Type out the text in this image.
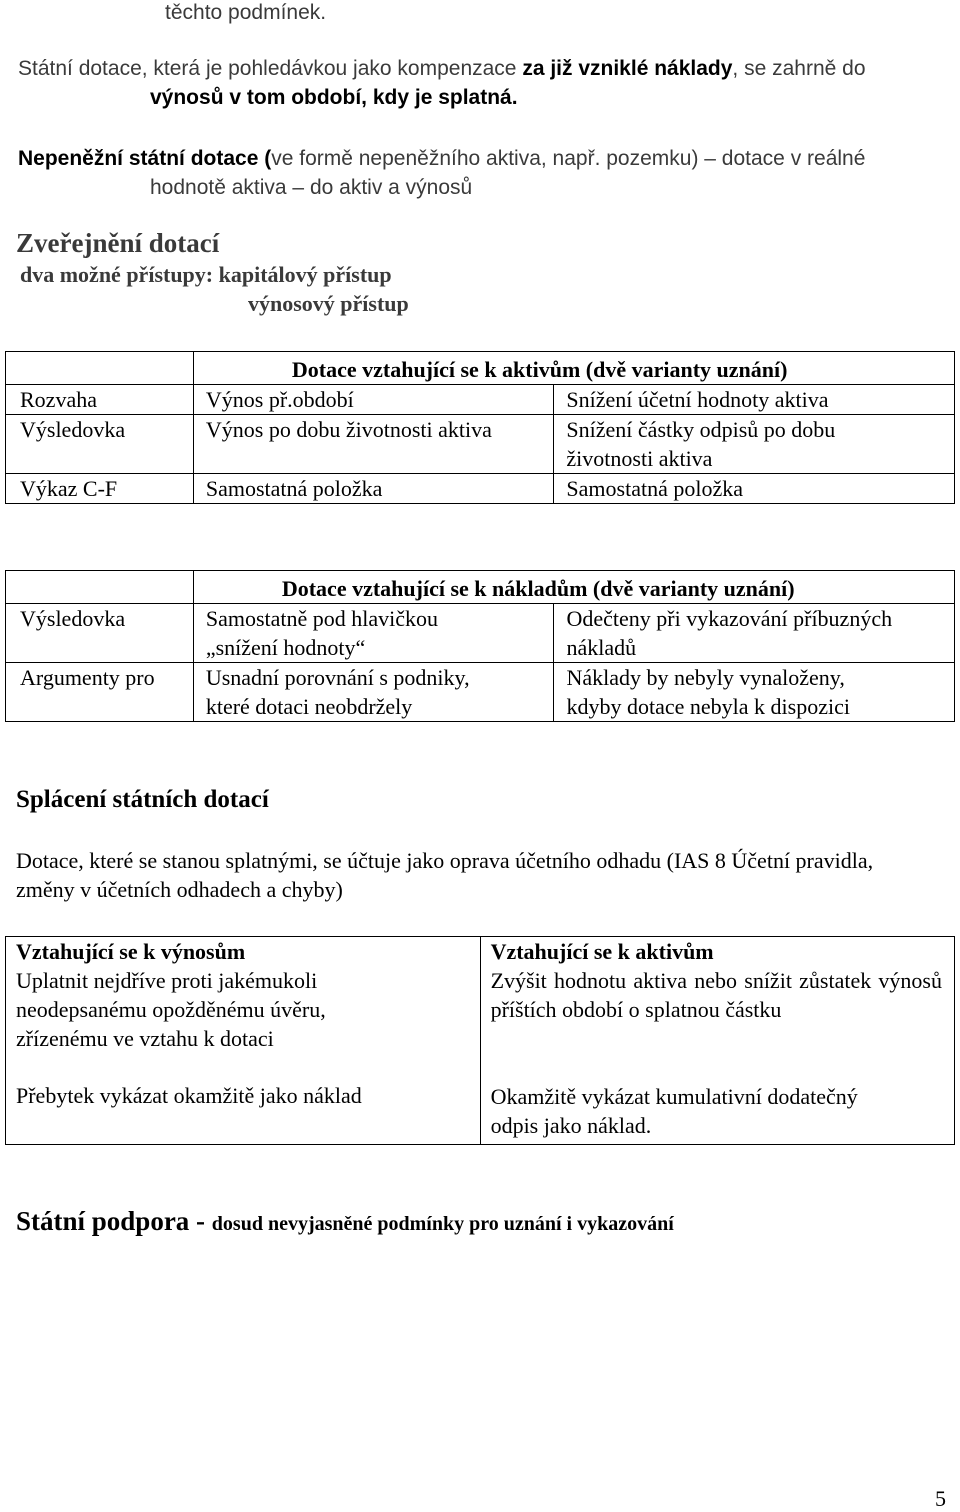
těchto podmínek.
Státní dotace, která je pohledávkou jako kompenzace za již vzniklé náklady, se zahrně do
výnosů v tom období, kdy je splatná.
Nepeněžní státní dotace (ve formě nepeněžního aktiva, např. pozemku) – dotace v reálné
hodnotě aktiva – do aktiv a výnosů
Zveřejnění dotací
dva možné přístupy: kapitálový přístup
výnosový přístup
	Dotace vztahující se k aktivům (dvě varianty uznání)	
Rozvaha	Výnos př.období	Snížení účetní hodnoty aktiva
Výsledovka	Výnos po dobu životnosti aktiva	Snížení částky odpisů po dobu životnosti aktiva
Výkaz C-F	Samostatná položka	Samostatná položka
	Dotace vztahující se k nákladům (dvě varianty uznání)	
Výsledovka	Samostatně pod hlavičkou „snížení hodnoty“	Odečteny při vykazování příbuzných nákladů
Argumenty pro	Usnadní porovnání s podniky, které dotaci neobdržely	Náklady by nebyly vynaloženy, kdyby dotace nebyla k dispozici
Splácení státních dotací
Dotace, které se stanou splatnými, se účtuje jako oprava účetního odhadu (IAS 8 Účetní pravidla, změny v účetních odhadech a chyby)
Vztahující se k výnosům
Uplatnit nejdříve proti jakémukoli neodepsanému opožděnému úvěru, zřízenému ve vztahu k dotaci
Přebytek vykázat okamžitě jako náklad

Vztahující se k aktivům
Zvýšit hodnotu aktiva nebo snížit zůstatek výnosů příštích období o splatnou částku
Okamžitě vykázat kumulativní dodatečný odpis jako náklad.
Státní podpora - dosud nevyjasněné podmínky pro uznání i vykazování
5
